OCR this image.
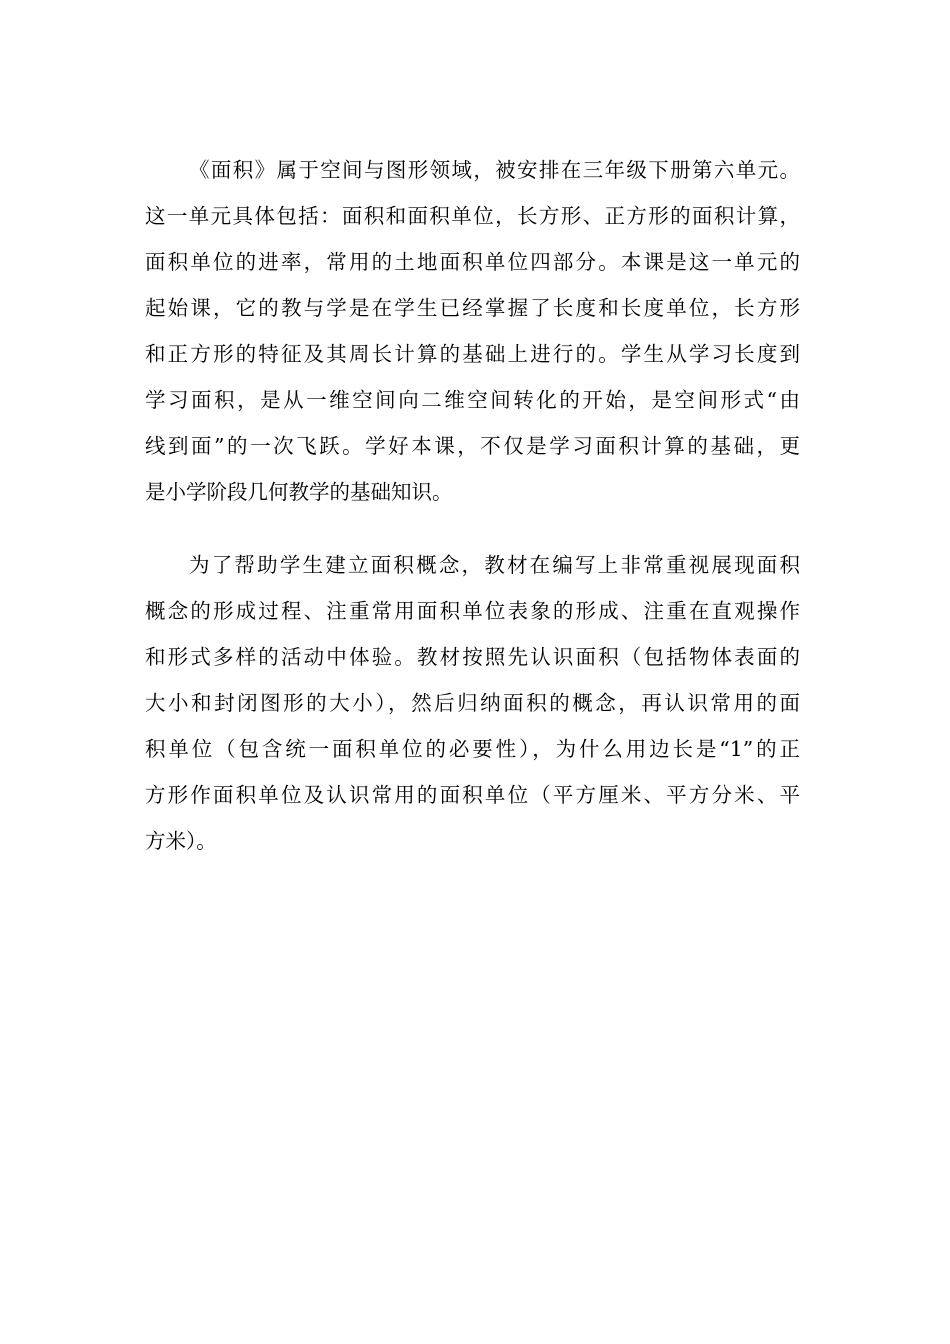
《面积》属于空间与图形领域，被安排在三年级下册第六单元。
这一单元具体包括：面积和面积单位，长方形、正方形的面积计算，
面积单位的进率，常用的土地面积单位四部分。本课是这一单元的
起始课，它的教与学是在学生已经掌握了长度和长度单位，长方形
和正方形的特征及其周长计算的基础上进行的。学生从学习长度到
学习面积，是从一维空间向二维空间转化的开始，是空间形式“由
线到面”的一次飞跃。学好本课，不仅是学习面积计算的基础，更
是小学阶段几何教学的基础知识。
为了帮助学生建立面积概念，教材在编写上非常重视展现面积
概念的形成过程、注重常用面积单位表象的形成、注重在直观操作
和形式多样的活动中体验。教材按照先认识面积（包括物体表面的
大小和封闭图形的大小），然后归纳面积的概念，再认识常用的面
积单位（包含统一面积单位的必要性），为什么用边长是“1”的正
方形作面积单位及认识常用的面积单位（平方厘米、平方分米、平
方米）。
